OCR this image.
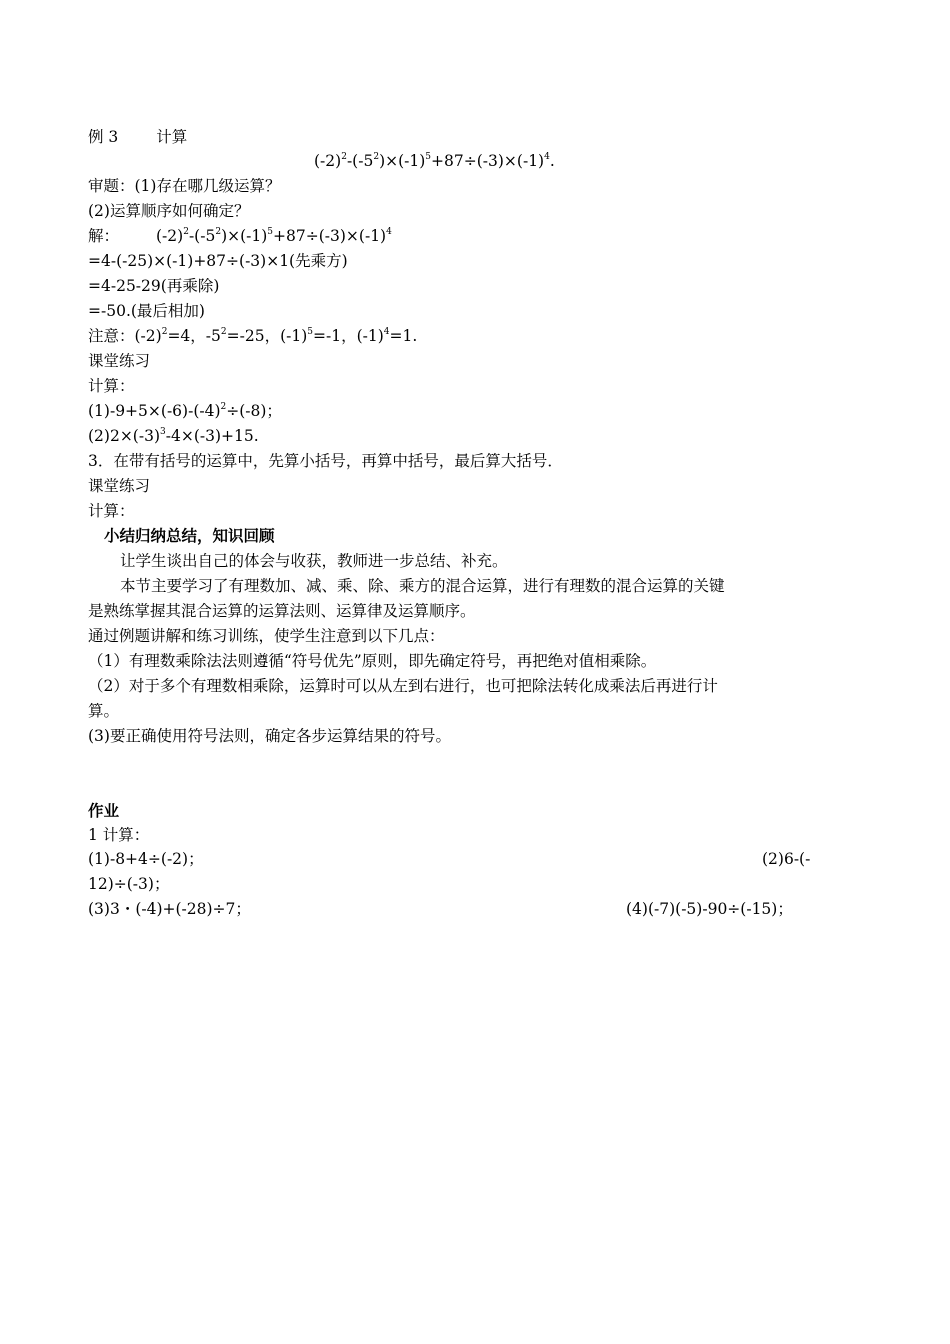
例 3 计算
$(-2)^2-(-5^2)\times(-1)^5+87\div(-3)\times(-1)^4$.
审题：(1)存在哪几级运算？
(2)运算顺序如何确定？
解： $(-2)^2-(-5^2)\times(-1)^5+87\div(-3)\times(-1)^4$
=4-(-25)×(-1)+87÷(-3)×1(先乘方)
=4-25-29(再乘除)
=-50.(最后相加)
注意：$(-2)^2=4$，$-5^2=-25$，$(-1)^5=-1$，$(-1)^4=1$.
课堂练习
计算：
$(1)-9+5\times(-6)-(-4)^2\div(-8)$；
$(2)2\times(-3)^3-4\times(-3)+15$.
3．在带有括号的运算中，先算小括号，再算中括号，最后算大括号．
课堂练习
计算：
小结归纳总结，知识回顾
让学生谈出自己的体会与收获，教师进一步总结、补充。
本节主要学习了有理数加、减、乘、除、乘方的混合运算，进行有理数的混合运算的关键
是熟练掌握其混合运算的运算法则、运算律及运算顺序。
通过例题讲解和练习训练，使学生注意到以下几点：
（1）有理数乘除法法则遵循“符号优先”原则，即先确定符号，再把绝对值相乘除。
（2）对于多个有理数相乘除，运算时可以从左到右进行，也可把除法转化成乘法后再进行计
算。
(3)要正确使用符号法则，确定各步运算结果的符号。
作业
1 计算：
(1)-8+4÷(-2)；	(2)6-(-
12)÷(-3)；
(3)3・(-4)+(-28)÷7；	(4)(-7)(-5)-90÷(-15)；
